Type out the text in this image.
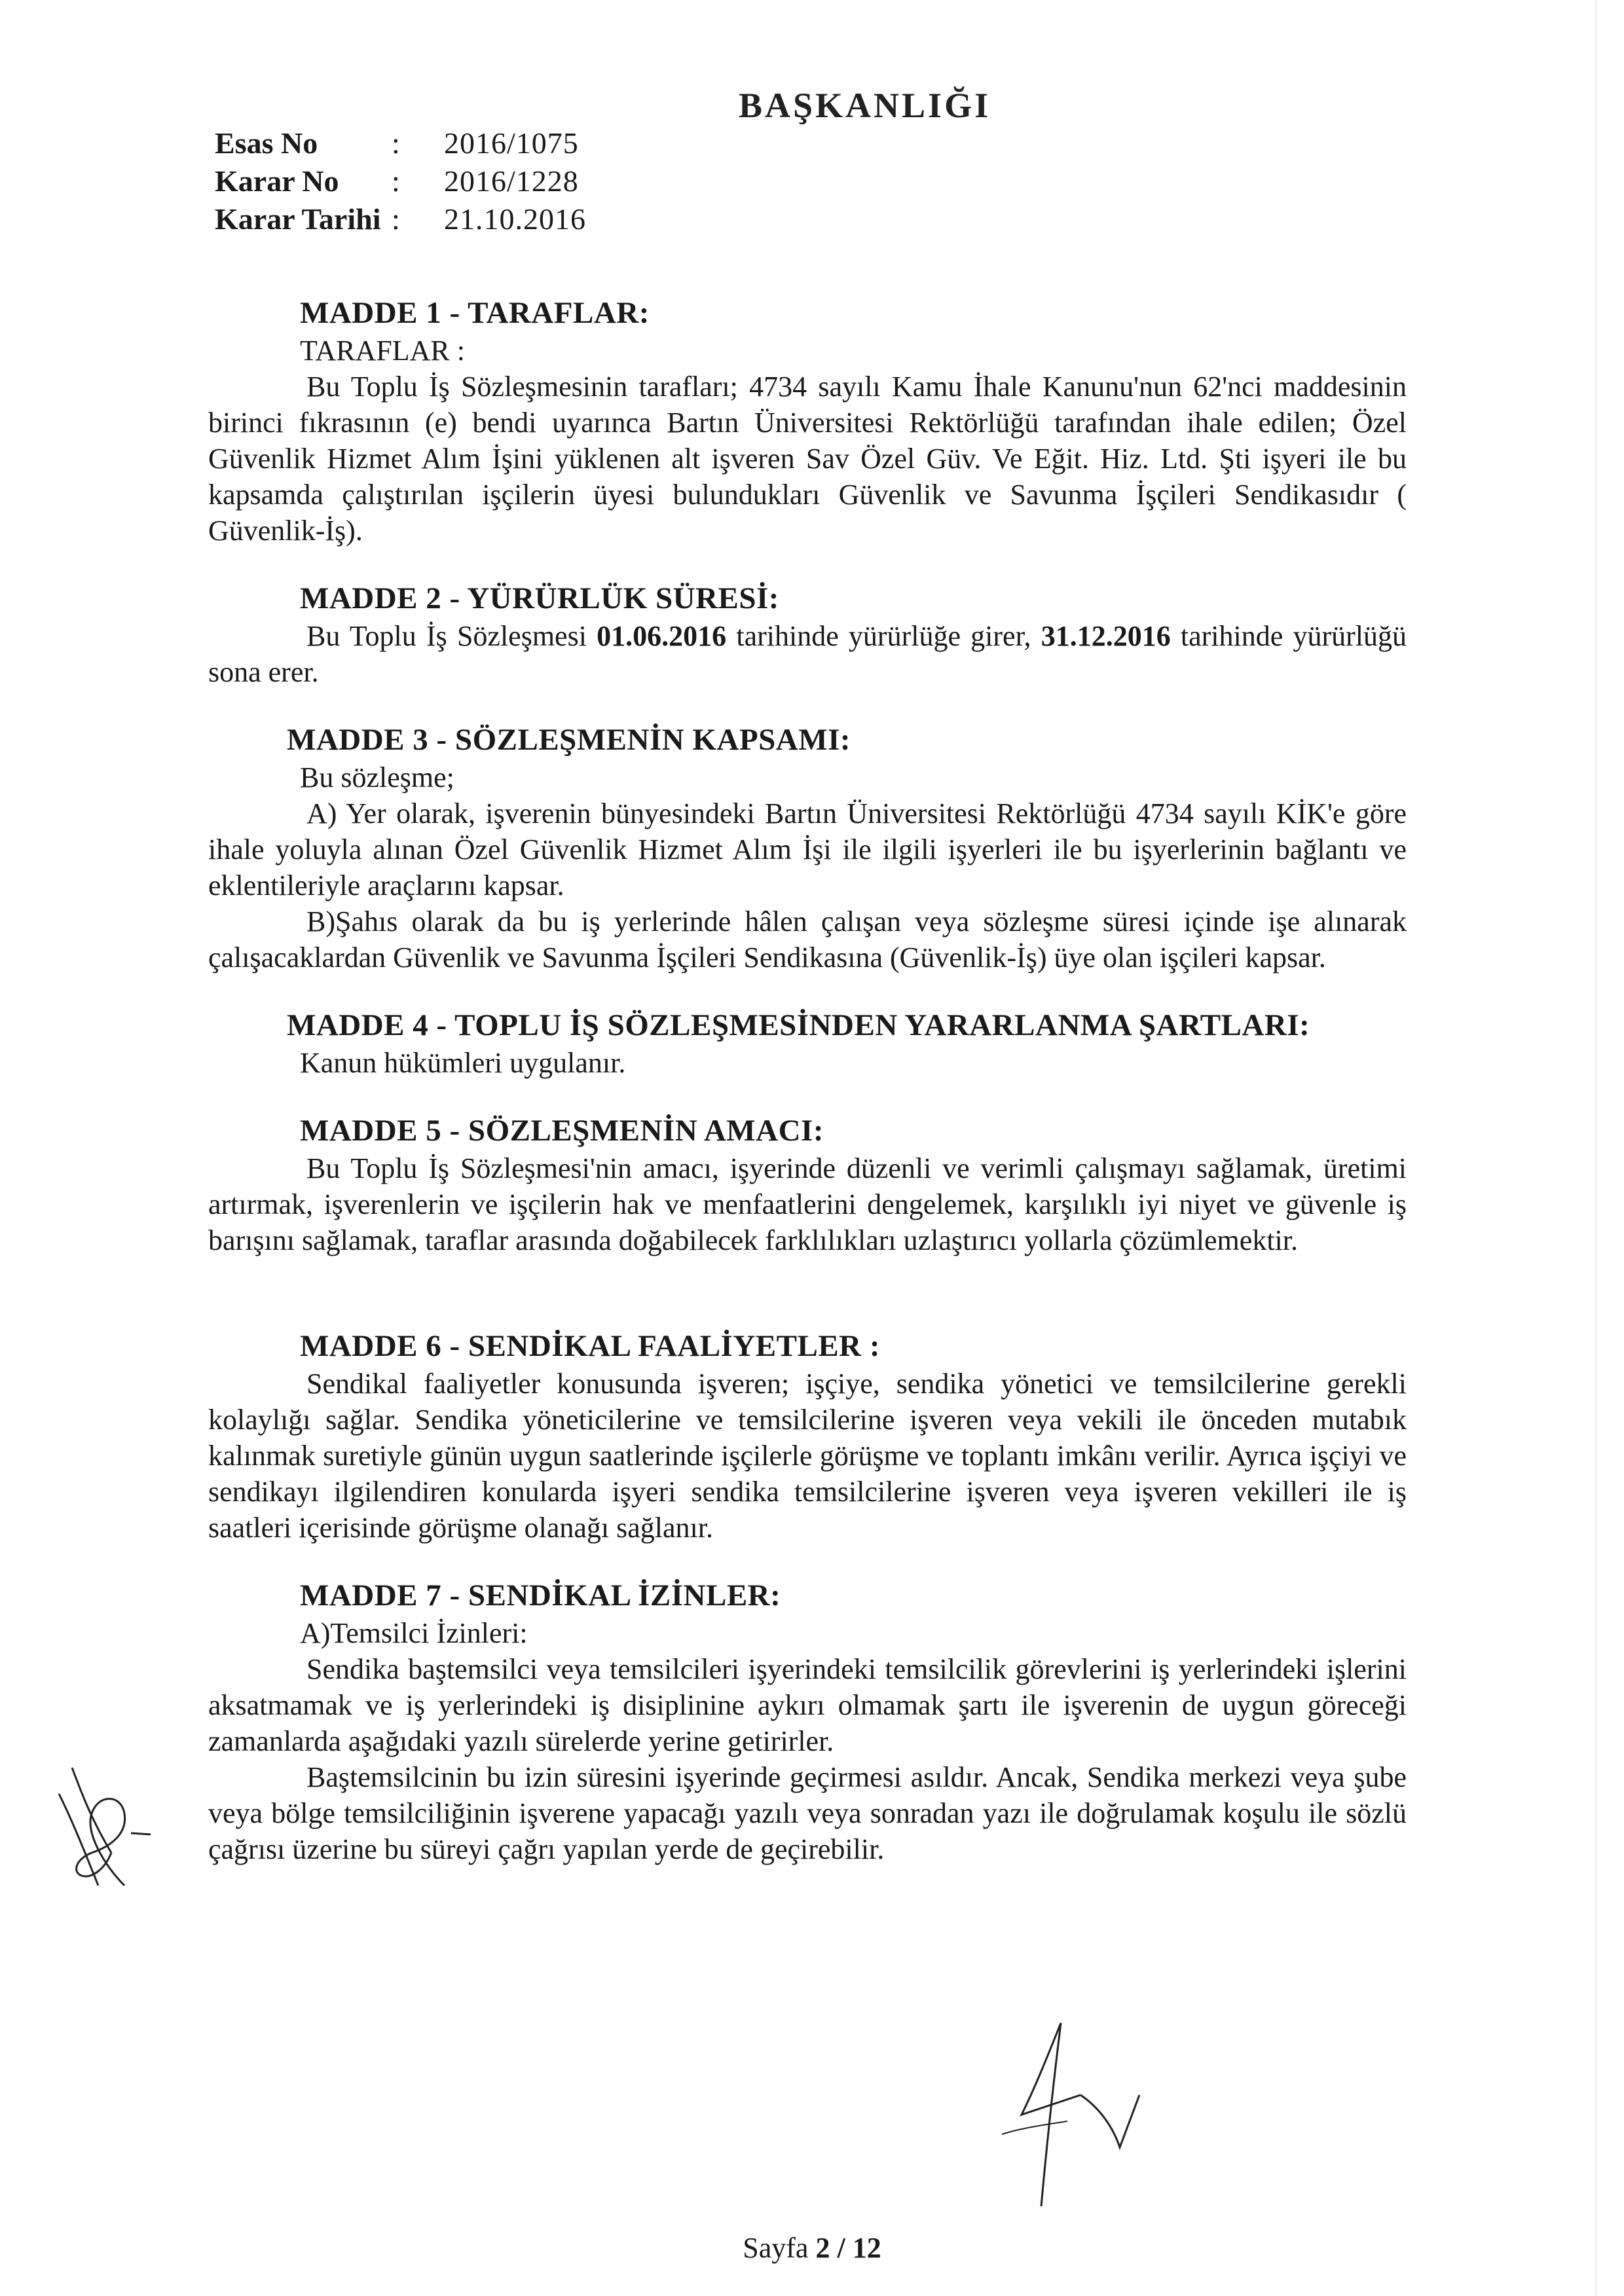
BAŞKANLIĞI
Esas No	:	2016/1075
Karar No	:	2016/1228
Karar Tarihi :	21.10.2016
MADDE 1 - TARAFLAR:
TARAFLAR :

Bu Toplu İş Sözleşmesinin tarafları; 4734 sayılı Kamu İhale Kanunu'nun 62'nci maddesinin birinci fıkrasının (e) bendi uyarınca Bartın Üniversitesi Rektörlüğü tarafından ihale edilen; Özel Güvenlik Hizmet Alım İşini yüklenen alt işveren Sav Özel Güv. Ve Eğit. Hiz. Ltd. Şti işyeri ile bu kapsamda çalıştırılan işçilerin üyesi bulundukları Güvenlik ve Savunma İşçileri Sendikasıdır ( Güvenlik-İş).

MADDE 2 - YÜRÜRLÜK SÜRESİ:

Bu Toplu İş Sözleşmesi 01.06.2016 tarihinde yürürlüğe girer, 31.12.2016 tarihinde yürürlüğü sona erer.

MADDE 3 - SÖZLEŞMENİN KAPSAMI:
Bu sözleşme;

A) Yer olarak, işverenin bünyesindeki Bartın Üniversitesi Rektörlüğü 4734 sayılı KİK'e göre ihale yoluyla alınan Özel Güvenlik Hizmet Alım İşi ile ilgili işyerleri ile bu işyerlerinin bağlantı ve eklentileriyle araçlarını kapsar.

B)Şahıs olarak da bu iş yerlerinde hâlen çalışan veya sözleşme süresi içinde işe alınarak çalışacaklardan Güvenlik ve Savunma İşçileri Sendikasına (Güvenlik-İş) üye olan işçileri kapsar.

MADDE 4 - TOPLU İŞ SÖZLEŞMESİNDEN YARARLANMA ŞARTLARI:
Kanun hükümleri uygulanır.
MADDE 5 - SÖZLEŞMENİN AMACI:

Bu Toplu İş Sözleşmesi'nin amacı, işyerinde düzenli ve verimli çalışmayı sağlamak, üretimi artırmak, işverenlerin ve işçilerin hak ve menfaatlerini dengelemek, karşılıklı iyi niyet ve güvenle iş barışını sağlamak, taraflar arasında doğabilecek farklılıkları uzlaştırıcı yollarla çözümlemektir.

MADDE 6 - SENDİKAL FAALİYETLER :

Sendikal faaliyetler konusunda işveren; işçiye, sendika yönetici ve temsilcilerine gerekli kolaylığı sağlar. Sendika yöneticilerine ve temsilcilerine işveren veya vekili ile önceden mutabık kalınmak suretiyle günün uygun saatlerinde işçilerle görüşme ve toplantı imkânı verilir. Ayrıca işçiyi ve sendikayı ilgilendiren konularda işyeri sendika temsilcilerine işveren veya işveren vekilleri ile iş saatleri içerisinde görüşme olanağı sağlanır.

MADDE 7 - SENDİKAL İZİNLER:
A)Temsilci İzinleri:

Sendika baştemsilci veya temsilcileri işyerindeki temsilcilik görevlerini iş yerlerindeki işlerini aksatmamak ve iş yerlerindeki iş disiplinine aykırı olmamak şartı ile işverenin de uygun göreceği zamanlarda aşağıdaki yazılı sürelerde yerine getirirler.

Baştemsilcinin bu izin süresini işyerinde geçirmesi asıldır. Ancak, Sendika merkezi veya şube veya bölge temsilciliğinin işverene yapacağı yazılı veya sonradan yazı ile doğrulamak koşulu ile sözlü çağrısı üzerine bu süreyi çağrı yapılan yerde de geçirebilir.

Sayfa 2 / 12
